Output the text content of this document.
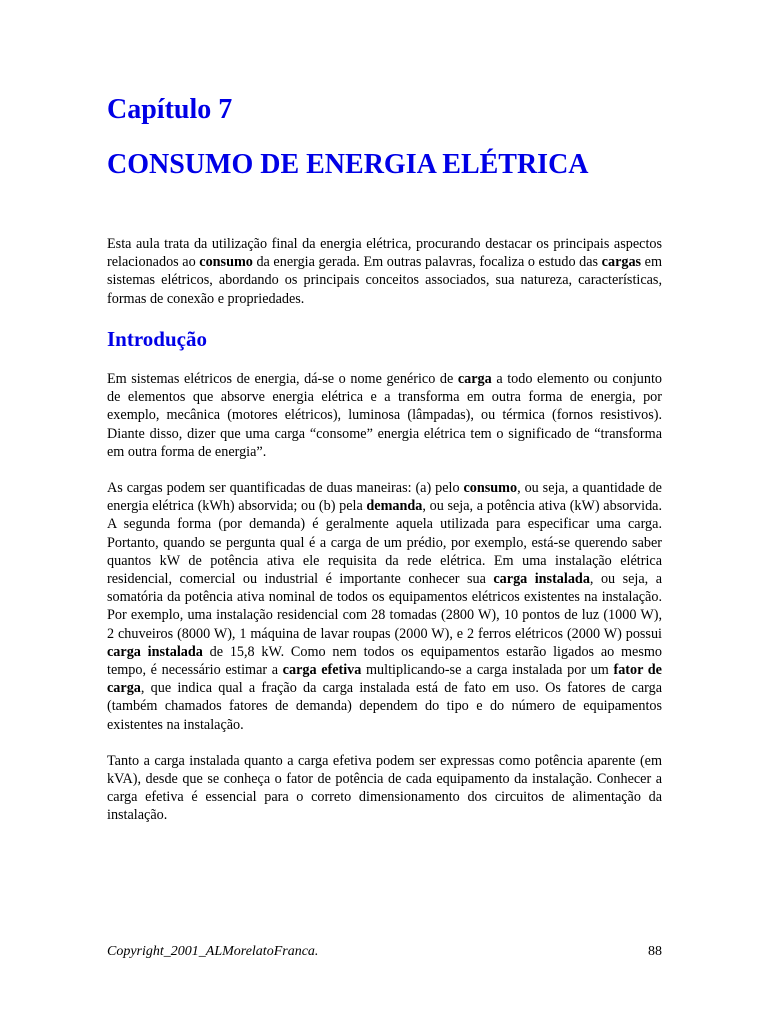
Capítulo 7
CONSUMO DE ENERGIA ELÉTRICA

Esta aula trata da utilização final da energia elétrica, procurando destacar os principais aspectos relacionados ao consumo da energia gerada. Em outras palavras, focaliza o estudo das cargas em sistemas elétricos, abordando os principais conceitos associados, sua natureza, características, formas de conexão e propriedades.

Introdução

Em sistemas elétricos de energia, dá-se o nome genérico de carga a todo elemento ou conjunto de elementos que absorve energia elétrica e a transforma em outra forma de energia, por exemplo, mecânica (motores elétricos), luminosa (lâmpadas), ou térmica (fornos resistivos). Diante disso, dizer que uma carga “consome” energia elétrica tem o significado de “transforma em outra forma de energia”.

As cargas podem ser quantificadas de duas maneiras: (a) pelo consumo, ou seja, a quantidade de energia elétrica (kWh) absorvida; ou (b) pela demanda, ou seja, a potência ativa (kW) absorvida. A segunda forma (por demanda) é geralmente aquela utilizada para especificar uma carga. Portanto, quando se pergunta qual é a carga de um prédio, por exemplo, está-se querendo saber quantos kW de potência ativa ele requisita da rede elétrica. Em uma instalação elétrica residencial, comercial ou industrial é importante conhecer sua carga instalada, ou seja, a somatória da potência ativa nominal de todos os equipamentos elétricos existentes na instalação. Por exemplo, uma instalação residencial com 28 tomadas (2800 W), 10 pontos de luz (1000 W), 2 chuveiros (8000 W), 1 máquina de lavar roupas (2000 W), e 2 ferros elétricos (2000 W) possui carga instalada de 15,8 kW. Como nem todos os equipamentos estarão ligados ao mesmo tempo, é necessário estimar a carga efetiva multiplicando-se a carga instalada por um fator de carga, que indica qual a fração da carga instalada está de fato em uso. Os fatores de carga (também chamados fatores de demanda) dependem do tipo e do número de equipamentos existentes na instalação.

Tanto a carga instalada quanto a carga efetiva podem ser expressas como potência aparente (em kVA), desde que se conheça o fator de potência de cada equipamento da instalação. Conhecer a carga efetiva é essencial para o correto dimensionamento dos circuitos de alimentação da instalação.

Copyright_2001_ALMorelatoFranca.	88
